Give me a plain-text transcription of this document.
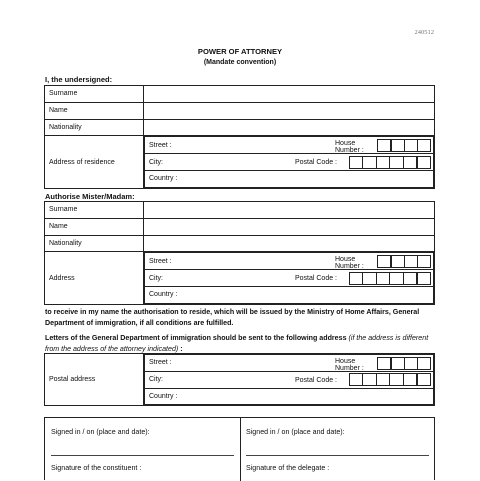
240512
POWER OF ATTORNEY
(Mandate convention)
I, the undersigned:
Surname	
Name	
Nationality	
Address of residence	
Street :	House Number :

City:	Postal Code :

Country :
Authorise Mister/Madam:
Surname	
Name	
Nationality	
Address	
Street :	House Number :

City:	Postal Code :

Country :
to receive in my name the authorisation to reside, which will be issued by the Ministry of Home Affairs, General Department of immigration, if all conditions are fulfilled.
Letters of the General Department of immigration should be sent to the following address (if the address is different from the address of the attorney indicated) :
Postal address	
Street :	House Number :

City:	Postal Code :

Country :
Signed in / on (place and date):
Signature of the constituent :
Signed in / on (place and date):
Signature of the delegate :
